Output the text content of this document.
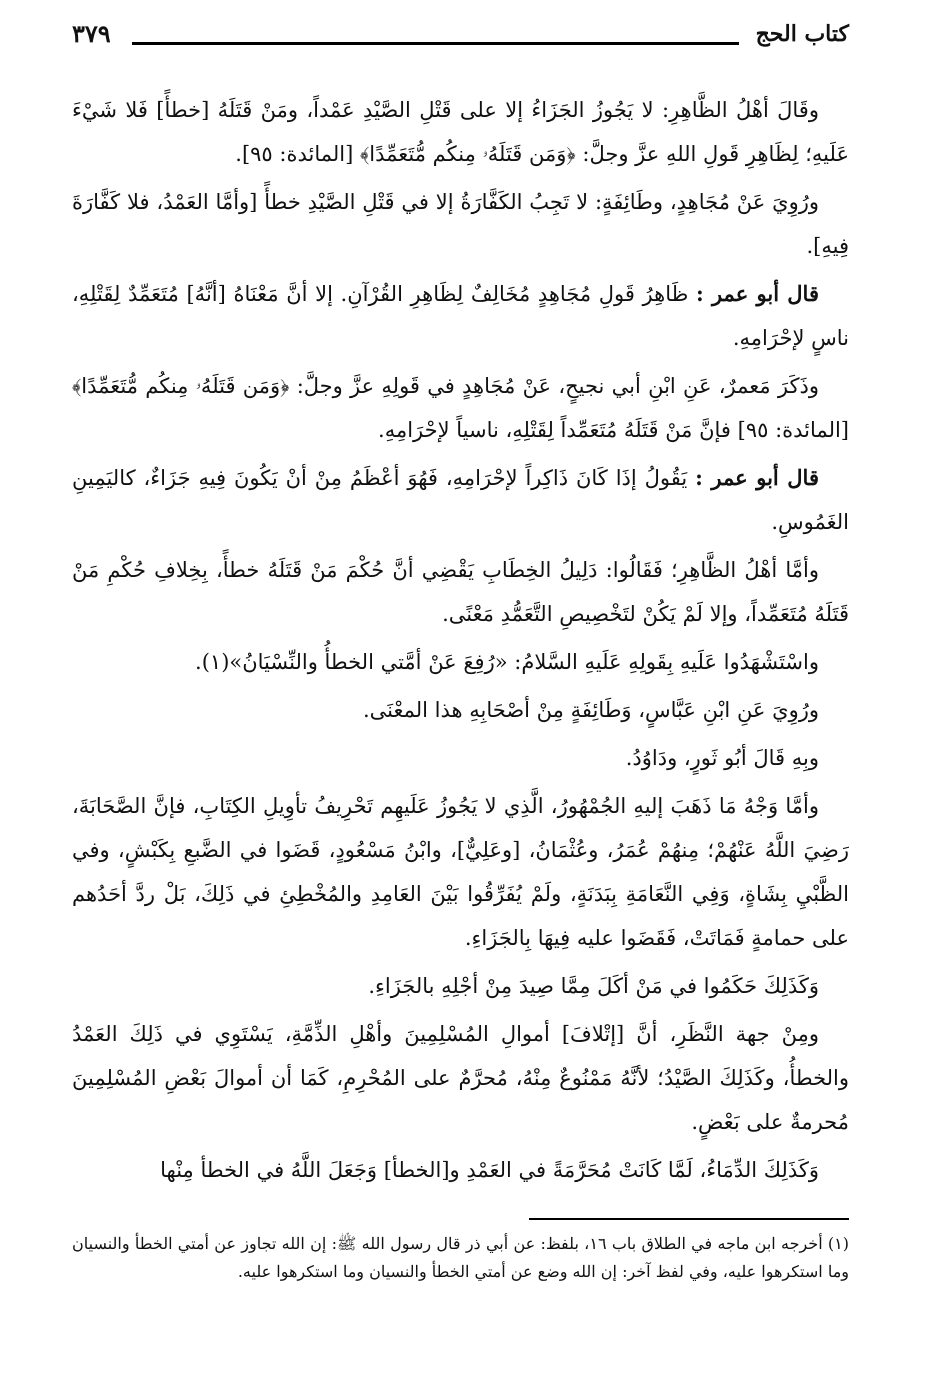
كتاب الحج
٣٧٩

وقَالَ أهْلُ الظَّاهِرِ: لا يَجُوزُ الجَزَاءُ إلا على قَتْلِ الصَّيْدِ عَمْداً، ومَنْ قَتَلَهُ [خطأً] فَلا شَيْءَ عَلَيهِ؛ لِظَاهِرِ قَولِ اللهِ عزَّ وجلَّ: ﴿وَمَن قَتَلَهُۥ مِنكُم مُّتَعَمِّدًا﴾ [المائدة: ٩٥].

ورُوِيَ عَنْ مُجَاهِدٍ، وطَائِفَةٍ: لا تَجِبُ الكَفَّارَةُ إلا في قَتْلِ الصَّيْدِ خطأً [وأمَّا العَمْدُ، فلا كَفَّارَةَ فِيهِ].

قال أبو عمر : ظَاهِرُ قَولِ مُجَاهِدٍ مُخَالِفٌ لِظَاهِرِ القُرْآنِ. إلا أنَّ مَعْنَاهُ [أنَّهُ] مُتَعَمِّدٌ لِقَتْلِهِ، ناسٍ لإحْرَامِهِ.

وذَكَرَ مَعمرٌ، عَنِ ابْنِ أبي نجيحٍ، عَنْ مُجَاهِدٍ في قَولِهِ عزَّ وجلَّ: ﴿وَمَن قَتَلَهُۥ مِنكُم مُّتَعَمِّدًا﴾ [المائدة: ٩٥] فإنَّ مَنْ قَتَلَهُ مُتَعَمِّداً لِقَتْلِهِ، ناسياً لإحْرَامِهِ.

قال أبو عمر : يَقُولُ إذَا كَانَ ذَاكِراً لإحْرَامِهِ، فَهُوَ أعْظَمُ مِنْ أنْ يَكُونَ فِيهِ جَزَاءٌ، كاليَمِينِ الغَمُوسِ.

وأمَّا أهْلُ الظَّاهِرِ؛ فَقَالُوا: دَلِيلُ الخِطَابِ يَقْضِي أنَّ حُكْمَ مَنْ قَتَلَهُ خطأً، بِخِلافِ حُكْمِ مَنْ قَتَلَهُ مُتَعَمِّداً، وإلا لَمْ يَكُنْ لتَخْصِيصِ التَّعَمُّدِ مَعْنًى.

واسْتَشْهَدُوا عَلَيهِ بِقَولِهِ عَلَيهِ السَّلامُ: «رُفِعَ عَنْ أمَّتي الخطأُ والنِّسْيَانُ»(١).

ورُوِيَ عَنِ ابْنِ عَبَّاسٍ، وَطَائِفَةٍ مِنْ أصْحَابِهِ هذا المعْنَى.

وبِهِ قَالَ أبُو ثَورٍ، ودَاوُدُ.

وأمَّا وَجْهُ مَا ذَهَبَ إليهِ الجُمْهُورُ، الَّذِي لا يَجُوزُ عَلَيهِم تَحْرِيفُ تأوِيلِ الكِتَابِ، فإنَّ الصَّحَابَةَ، رَضِيَ اللَّهُ عَنْهُمْ؛ مِنهُمْ عُمَرُ، وعُثْمَانُ، [وعَلِيٌّ]، وابْنُ مَسْعُودٍ، قَضَوا في الضَّبعِ بِكَبْشٍ، وفي الظَّبْيِ بِشَاةٍ، وَفِي النَّعَامَةِ بِبَدَنَةٍ، ولَمْ يُفَرِّقُوا بَيْنَ العَامِدِ والمُخْطِئِ في ذَلِكَ، بَلْ ردَّ أحَدُهم على حمامةٍ فَمَاتَتْ، فَقَضَوا عليه فِيهَا بِالجَزَاءِ.

وَكَذَلِكَ حَكَمُوا في مَنْ أكَلَ مِمَّا صِيدَ مِنْ أجْلِهِ بالجَزَاءِ.

ومِنْ جهة النَّظَرِ، أنَّ [إتْلافَ] أموالِ المُسْلِمِينَ وأهْلِ الذِّمَّةِ، يَسْتَوِي في ذَلِكَ العَمْدُ والخطأُ، وكَذَلِكَ الصَّيْدُ؛ لأنَّهُ مَمْنُوعٌ مِنْهُ، مُحرَّمٌ على المُحْرِمِ، كَمَا أن أموالَ بَعْضِ المُسْلِمِينَ مُحرمةٌ على بَعْضٍ.

وَكَذَلِكَ الدِّمَاءُ، لَمَّا كَانَتْ مُحَرَّمَةً في العَمْدِ و[الخطأ] وَجَعَلَ اللَّهُ في الخطأ مِنْها

(١) أخرجه ابن ماجه في الطلاق باب ١٦، بلفظ: عن أبي ذر قال رسول الله ﷺ: إن الله تجاوز عن أمتي الخطأ والنسيان وما استكرهوا عليه، وفي لفظ آخر: إن الله وضع عن أمتي الخطأ والنسيان وما استكرهوا عليه.
